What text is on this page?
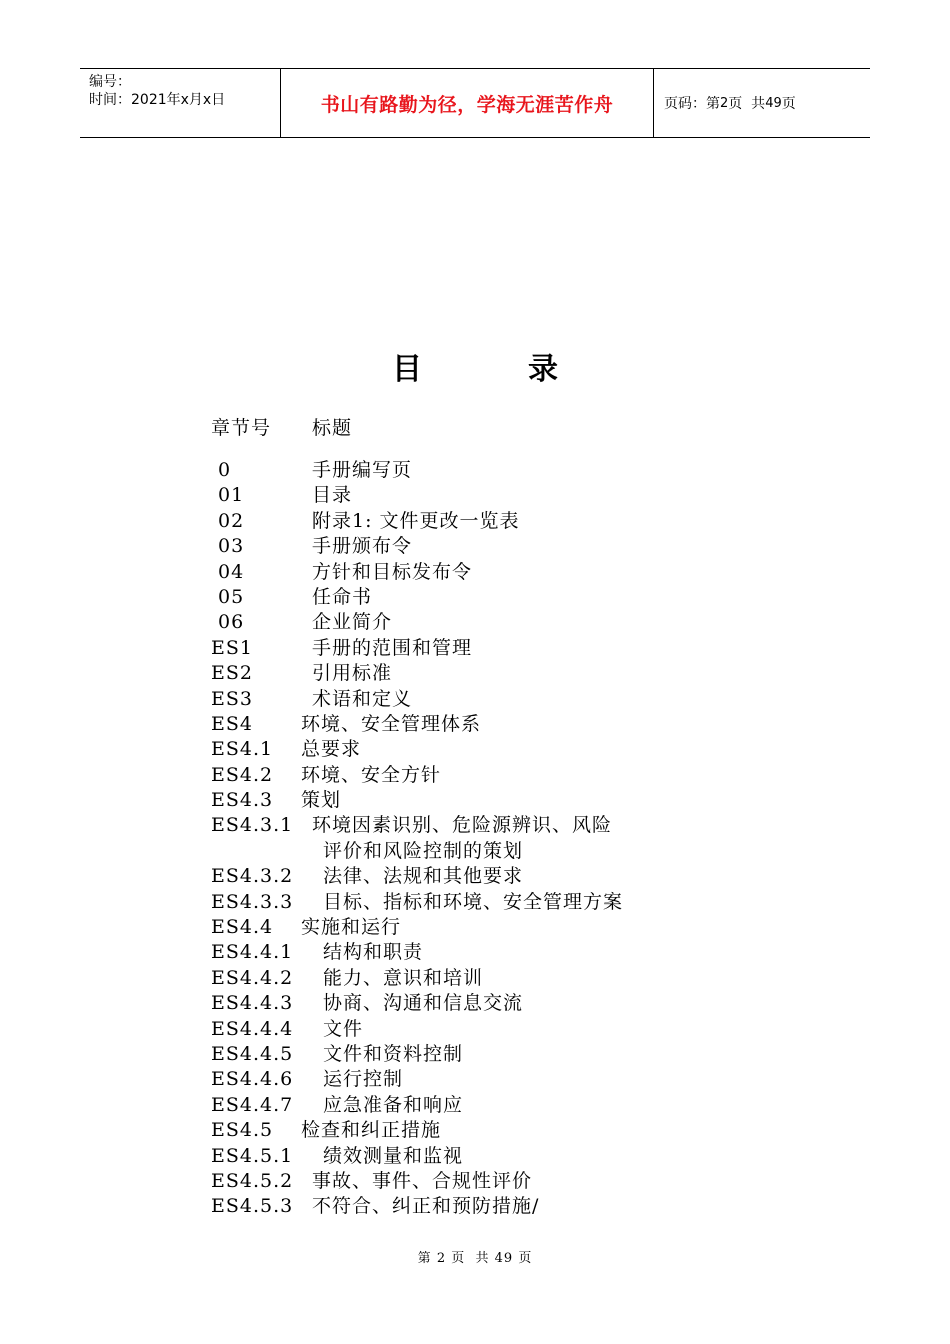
编号：
时间：2021年x月x日	书山有路勤为径，学海无涯苦作舟	页码：第 2 页  共 49 页
目	录
章节号 标题
0	手册编写页
01	目录
02	附录1: 文件更改一览表
03	手册颁布令
04	方针和目标发布令
05	任命书
06	企业简介
ES1	手册的范围和管理
ES2	引用标准
ES3	术语和定义
ES4	环境、安全管理体系
ES4.1 总要求
ES4.2 环境、安全方针
ES4.3 策划
ES4.3.1 环境因素识别、危险源辨识、风险
评价和风险控制的策划
ES4.3.2 法律、法规和其他要求
ES4.3.3 目标、指标和环境、安全管理方案
ES4.4 实施和运行
ES4.4.1 结构和职责
ES4.4.2 能力、意识和培训
ES4.4.3 协商、沟通和信息交流
ES4.4.4 文件
ES4.4.5 文件和资料控制
ES4.4.6 运行控制
ES4.4.7 应急准备和响应
ES4.5 检查和纠正措施
ES4.5.1 绩效测量和监视
ES4.5.2 事故、事件、合规性评价
ES4.5.3 不符合、纠正和预防措施/
第 2 页  共 49 页
